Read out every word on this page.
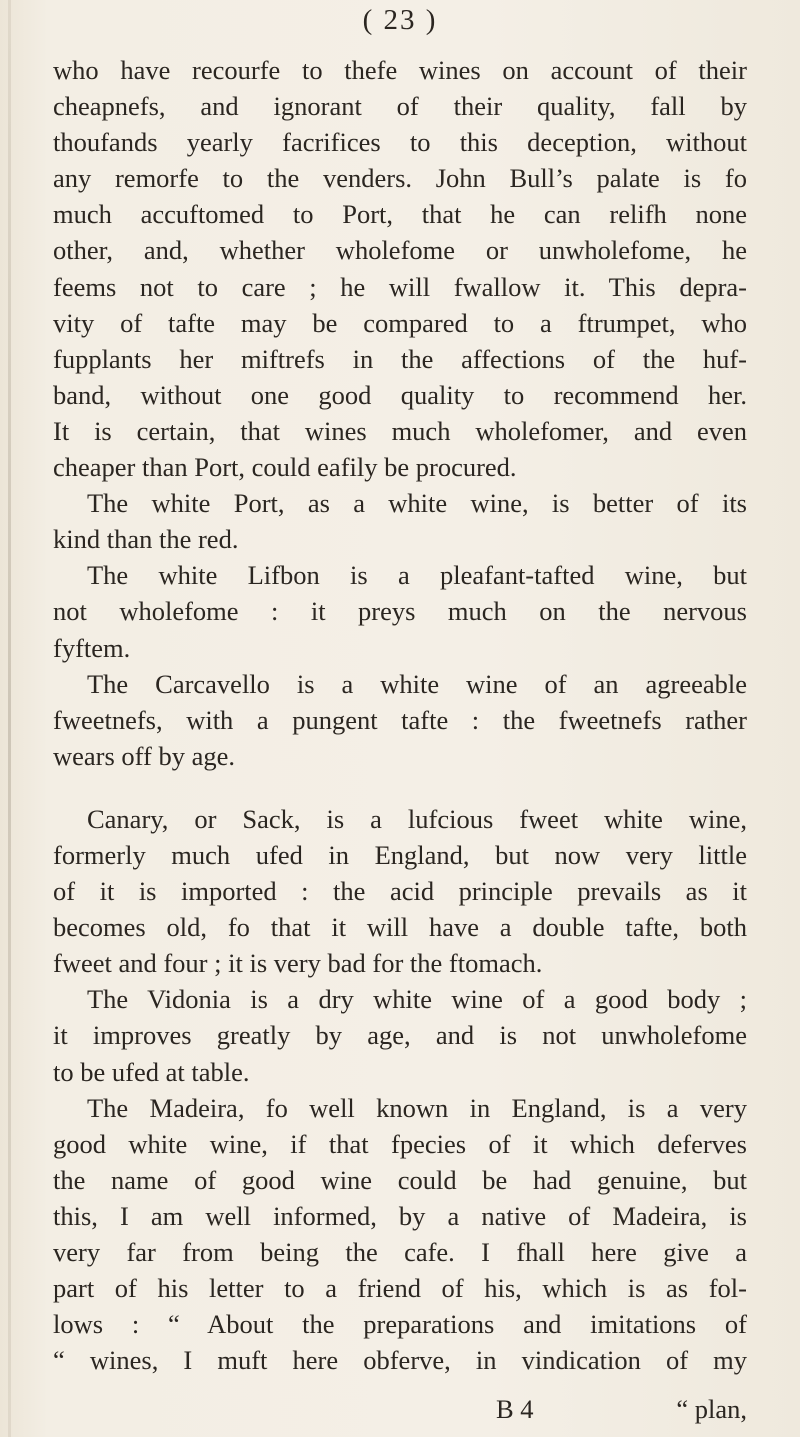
( 23 )
who have recourfe to thefe wines on account of their
cheapnefs, and ignorant of their quality, fall by
thoufands yearly facrifices to this deception, without
any remorfe to the venders. John Bull’s palate is fo
much accuftomed to Port, that he can relifh none
other, and, whether wholefome or unwholefome, he
feems not to care ; he will fwallow it. This depra-
vity of tafte may be compared to a ftrumpet, who
fupplants her miftrefs in the affections of the huf-
band, without one good quality to recommend her.
It is certain, that wines much wholefomer, and even
cheaper than Port, could eafily be procured.
The white Port, as a white wine, is better of its
kind than the red.
The white Lifbon is a pleafant-tafted wine, but
not wholefome : it preys much on the nervous
fyftem.
The Carcavello is a white wine of an agreeable
fweetnefs, with a pungent tafte : the fweetnefs rather
wears off by age.
Canary, or Sack, is a lufcious fweet white wine,
formerly much ufed in England, but now very little
of it is imported : the acid principle prevails as it
becomes old, fo that it will have a double tafte, both
fweet and four ; it is very bad for the ftomach.
The Vidonia is a dry white wine of a good body ;
it improves greatly by age, and is not unwholefome
to be ufed at table.
The Madeira, fo well known in England, is a very
good white wine, if that fpecies of it which deferves
the name of good wine could be had genuine, but
this, I am well informed, by a native of Madeira, is
very far from being the cafe. I fhall here give a
part of his letter to a friend of his, which is as fol-
lows : “ About the preparations and imitations of
“ wines, I muft here obferve, in vindication of my
B 4	“ plan,
